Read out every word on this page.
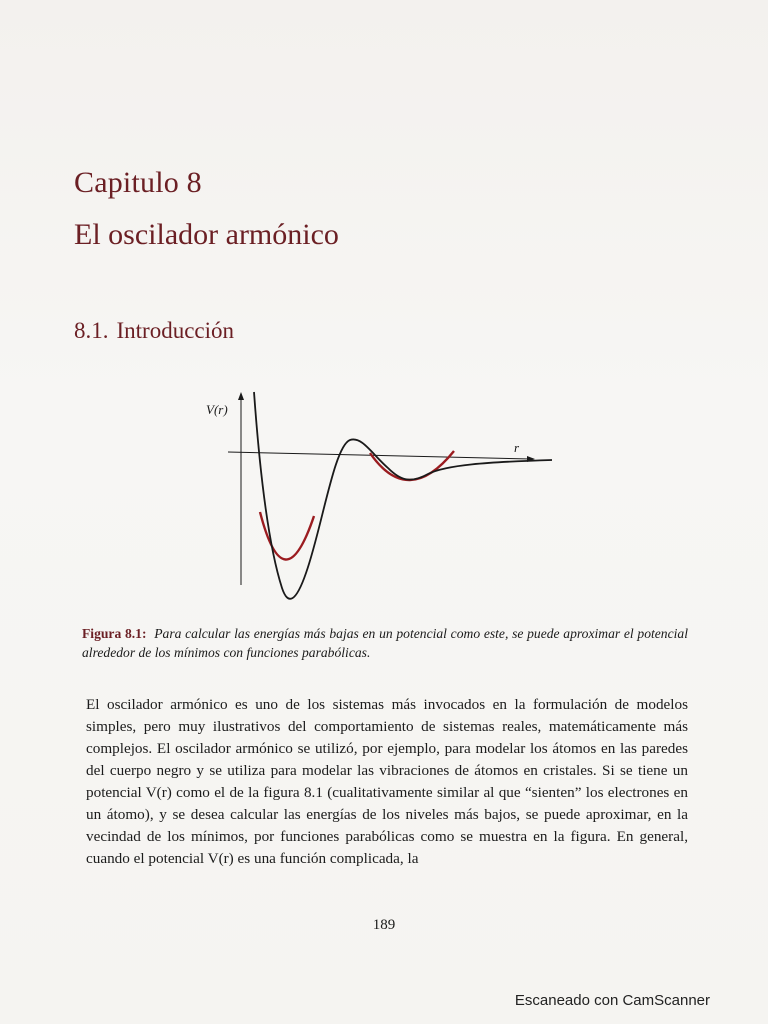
Capitulo 8
El oscilador armónico
8.1. Introducción
V(r)
r
Figura 8.1: Para calcular las energías más bajas en un potencial como este, se puede aproximar el potencial alrededor de los mínimos con funciones parabólicas.
El oscilador armónico es uno de los sistemas más invocados en la formulación de modelos simples, pero muy ilustrativos del comportamiento de sistemas reales, matemáticamente más complejos. El oscilador armónico se utilizó, por ejemplo, para modelar los átomos en las paredes del cuerpo negro y se utiliza para modelar las vibraciones de átomos en cristales. Si se tiene un potencial V(r) como el de la figura 8.1 (cualitativamente similar al que “sienten” los electrones en un átomo), y se desea calcular las energías de los niveles más bajos, se puede aproximar, en la vecindad de los mínimos, por funciones parabólicas como se muestra en la figura. En general, cuando el potencial V(r) es una función complicada, la
189
Escaneado con CamScanner
